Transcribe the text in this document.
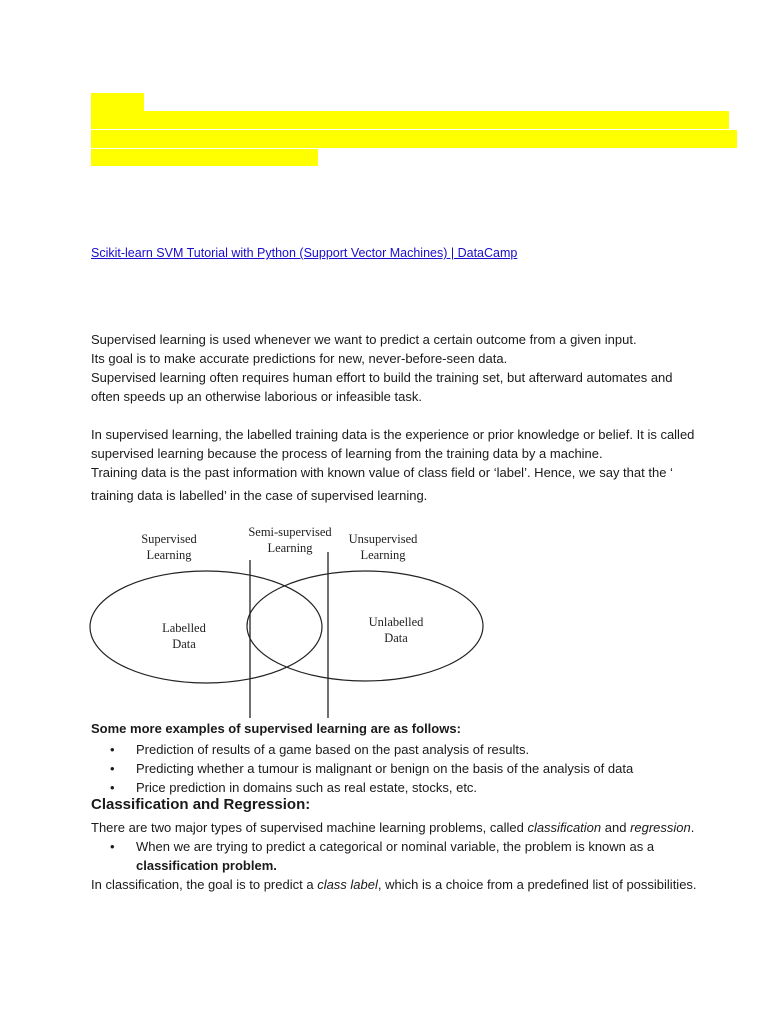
Scikit-learn SVM Tutorial with Python (Support Vector Machines) | DataCamp
Supervised learning is used whenever we want to predict a certain outcome from a given input.
Its goal is to make accurate predictions for new, never-before-seen data.
Supervised learning often requires human effort to build the training set, but afterward automates and
often speeds up an otherwise laborious or infeasible task.
In supervised learning, the labelled training data is the experience or prior knowledge or belief. It is called
supervised learning because the process of learning from the training data by a machine.
Training data is the past information with known value of class field or ‘label’. Hence, we say that the ‘
training data is labelled’ in the case of supervised learning.
Supervised
Learning
Semi-supervised
Learning
Unsupervised
Learning
Labelled
Data
Unlabelled
Data
Some more examples of supervised learning are as follows:
• Prediction of results of a game based on the past analysis of results.
• Predicting whether a tumour is malignant or benign on the basis of the analysis of data
• Price prediction in domains such as real estate, stocks, etc.
Classification and Regression:
There are two major types of supervised machine learning problems, called classification and regression.
• When we are trying to predict a categorical or nominal variable, the problem is known as a
classification problem.
In classification, the goal is to predict a class label, which is a choice from a predefined list of possibilities.
